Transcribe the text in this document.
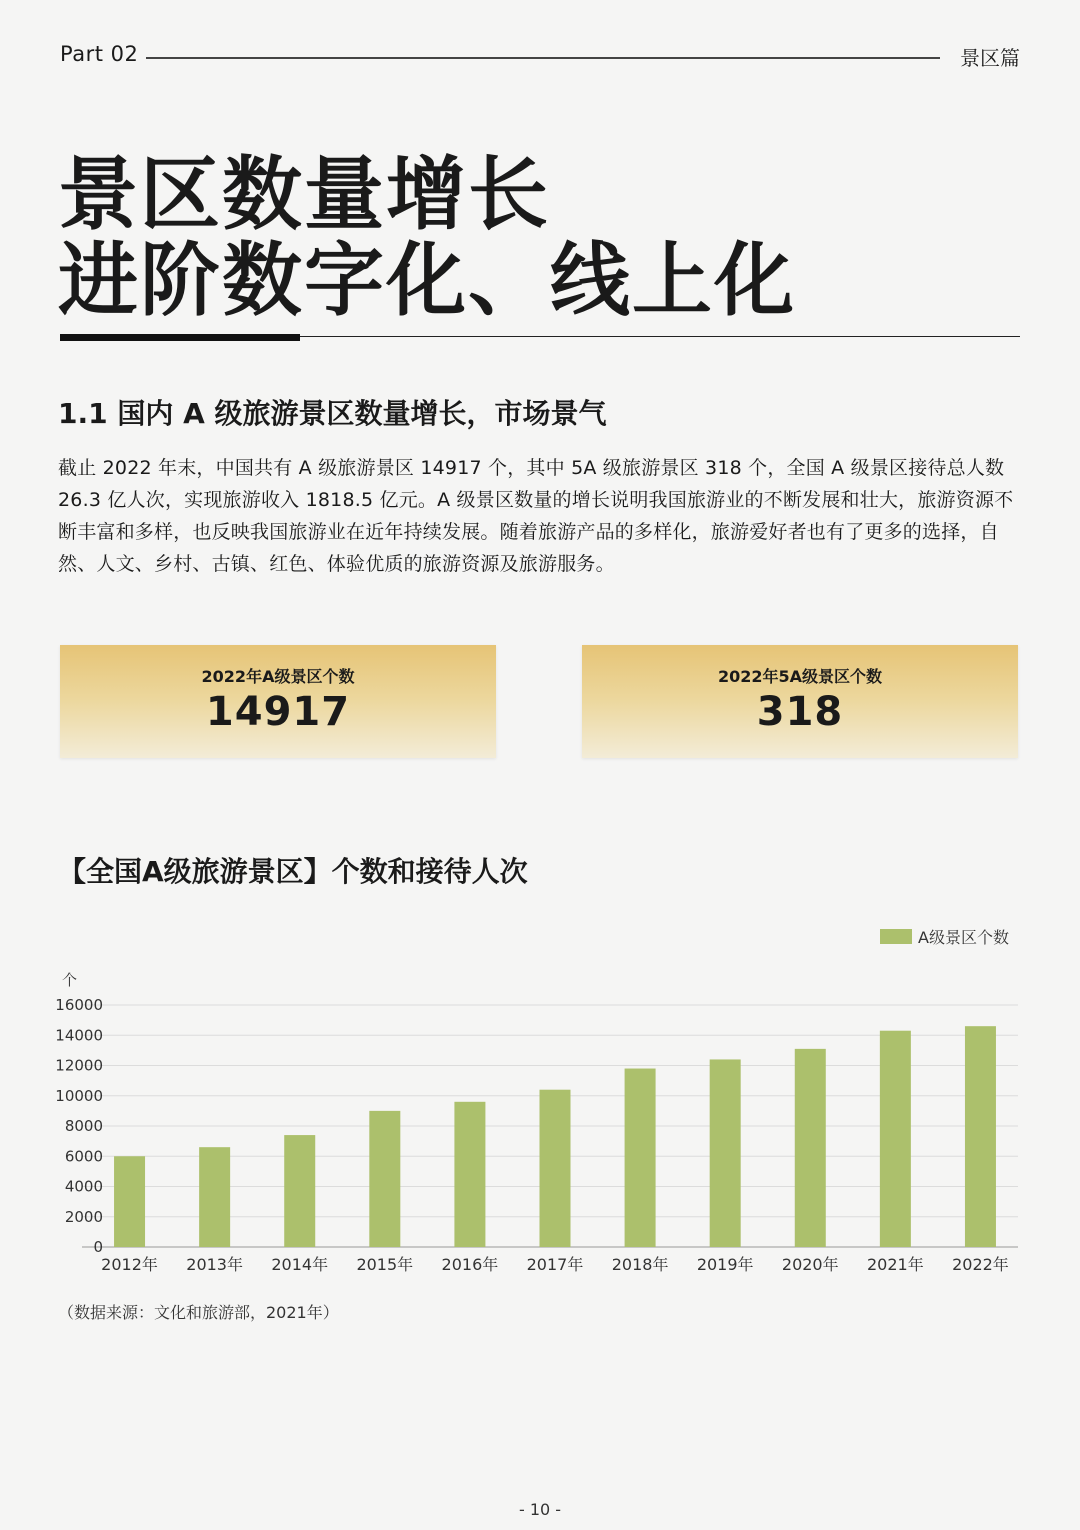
Part 02	景区篇
景区数量增长
进阶数字化、线上化
1.1 国内 A 级旅游景区数量增长，市场景气

截止 2022 年末，中国共有 A 级旅游景区 14917 个，其中 5A 级旅游景区 318 个，全国 A 级景区接待总人数 26.3 亿人次，实现旅游收入 1818.5 亿元。A 级景区数量的增长说明我国旅游业的不断发展和壮大，旅游资源不断丰富和多样，也反映我国旅游业在近年持续发展。随着旅游产品的多样化，旅游爱好者也有了更多的选择，自然、人文、乡村、古镇、红色、体验优质的旅游资源及旅游服务。

2022年A级景区个数
14917
2022年5A级景区个数
318
【全国A级旅游景区】个数和接待人次
0
2000
4000
6000
8000
10000
12000
14000
16000
2012年 2013年 2014年 2015年 2016年 2017年 2018年 2019年 2020年 2021年 2022年
个
A级景区个数
（数据来源：文化和旅游部，2021年）
- 10 -
